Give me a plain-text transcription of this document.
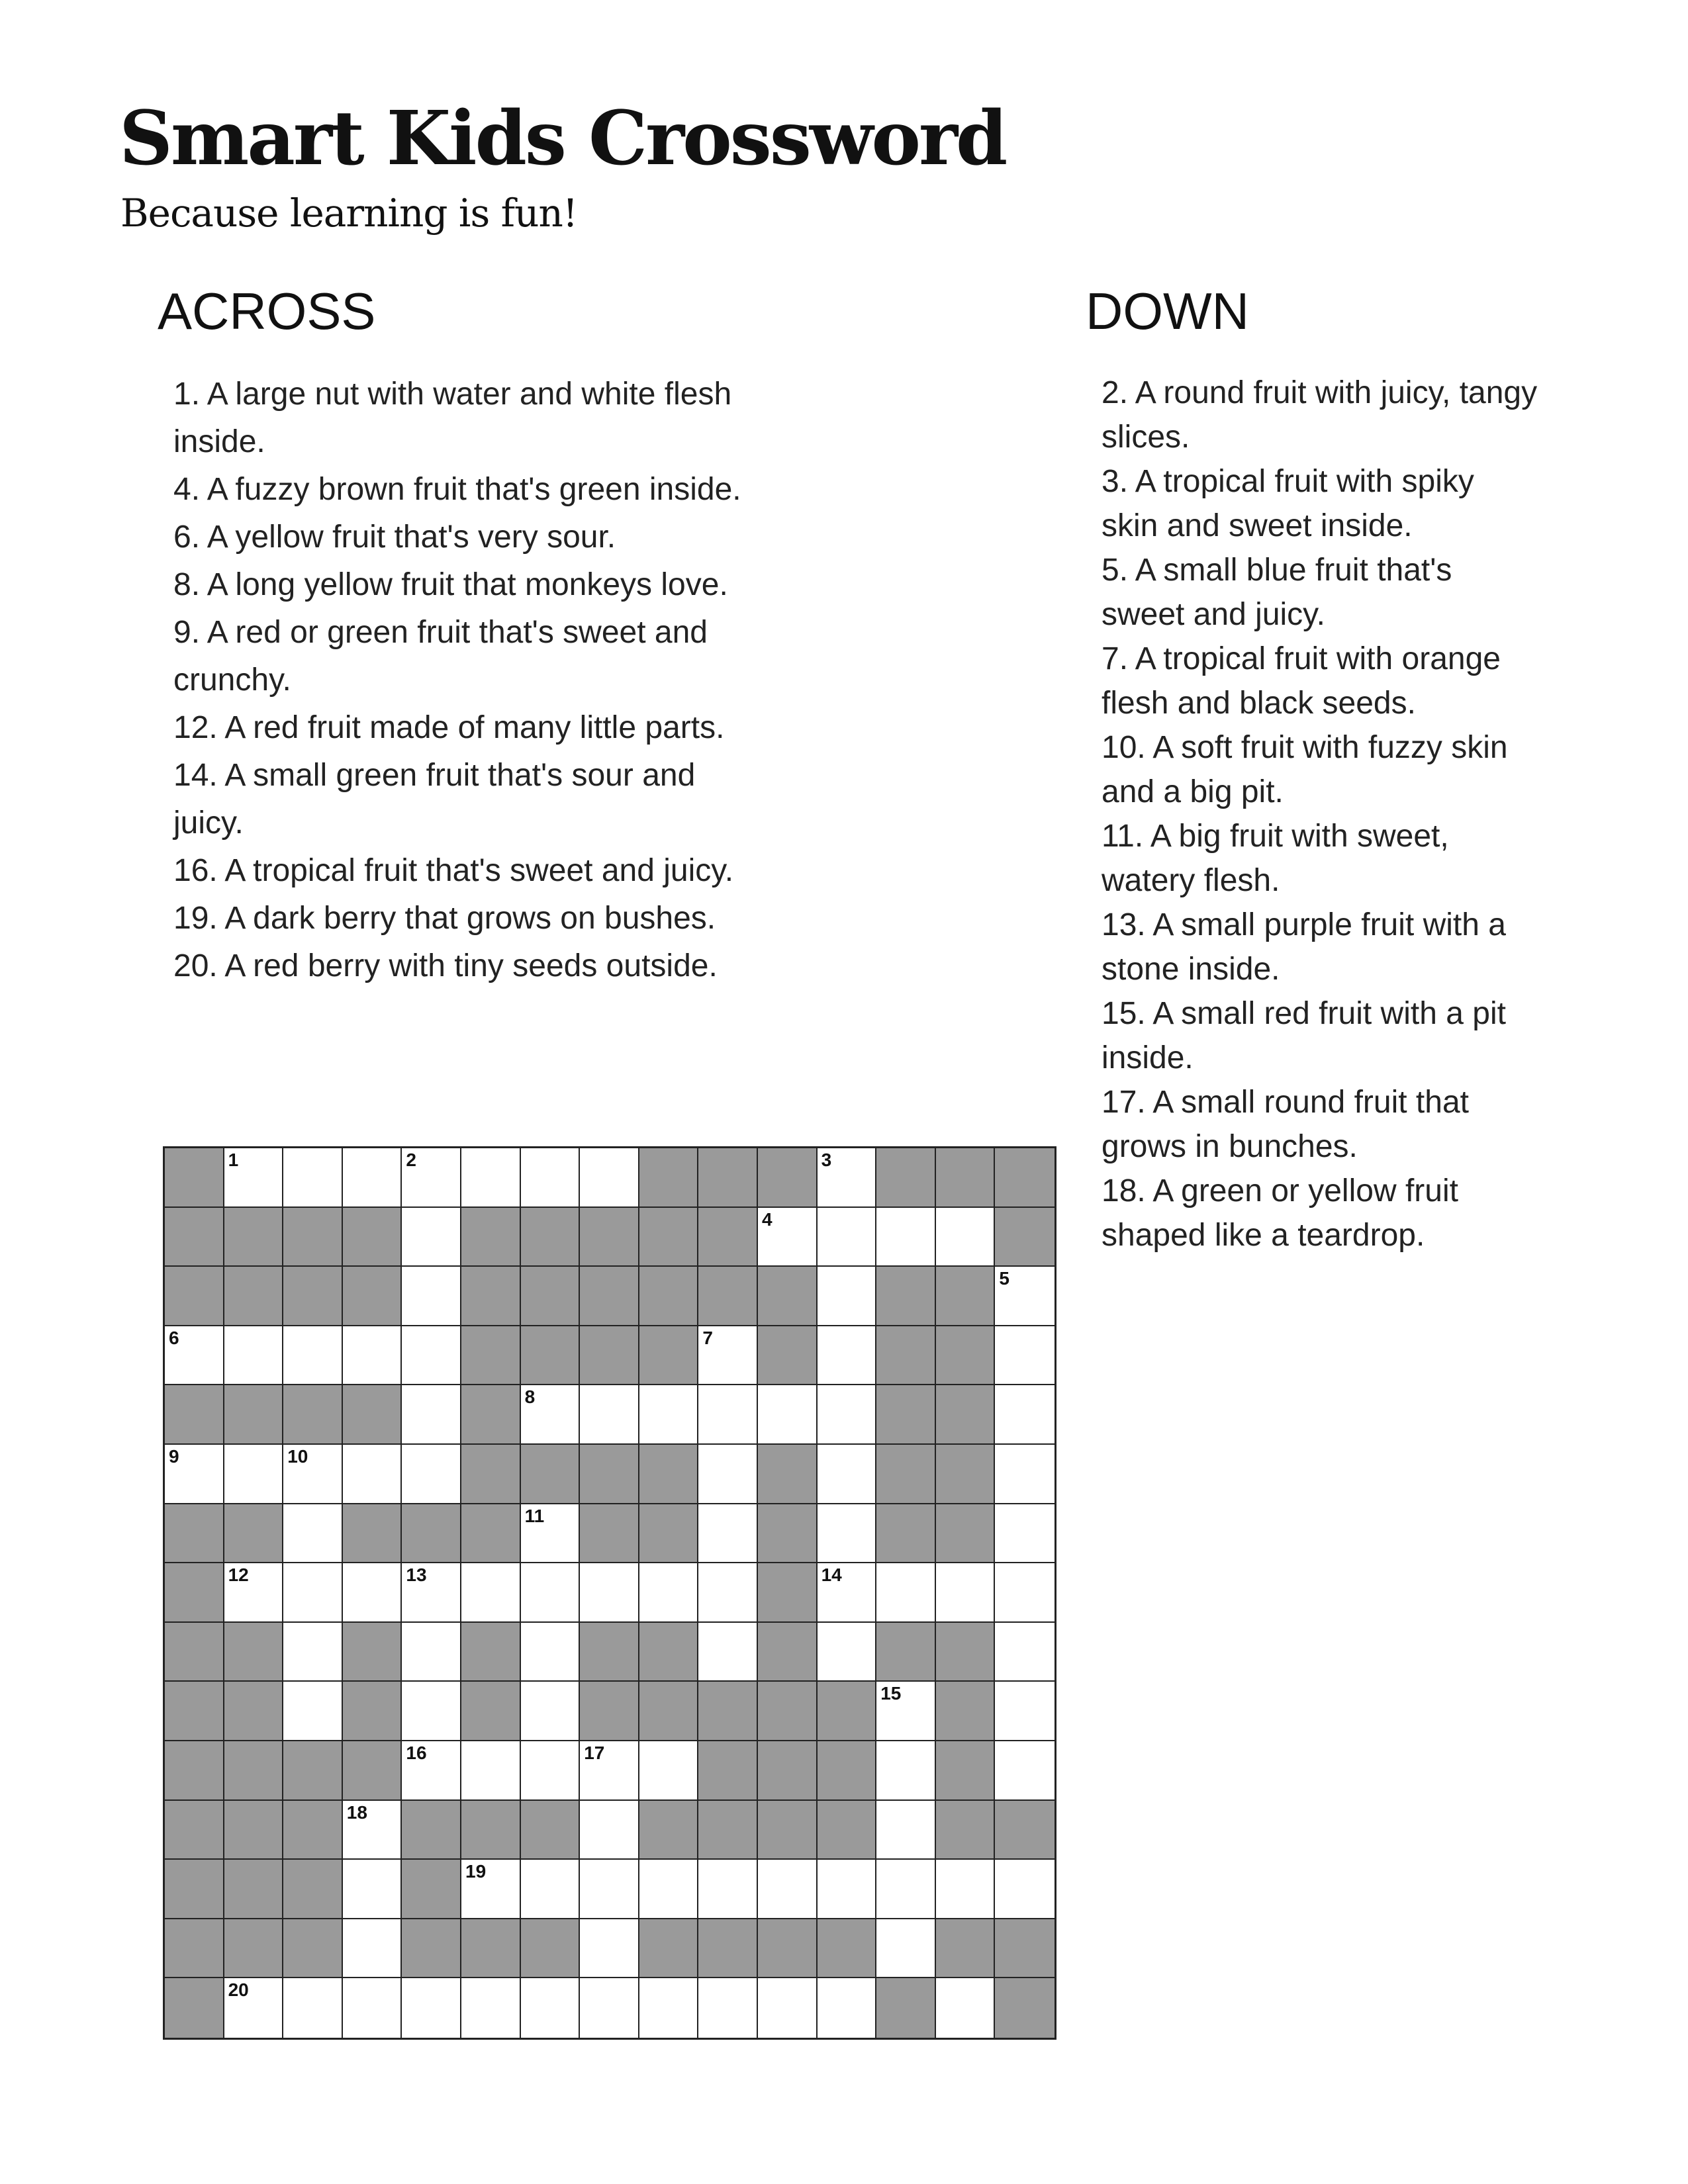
Smart Kids Crossword
Because learning is fun!
ACROSS
1. A large nut with water and white flesh inside.
4. A fuzzy brown fruit that's green inside.
6. A yellow fruit that's very sour.
8. A long yellow fruit that monkeys love.
9. A red or green fruit that's sweet and crunchy.
12. A red fruit made of many little parts.
14. A small green fruit that's sour and juicy.
16. A tropical fruit that's sweet and juicy.
19. A dark berry that grows on bushes.
20. A red berry with tiny seeds outside.
DOWN
2. A round fruit with juicy, tangy slices.
3. A tropical fruit with spiky skin and sweet inside.
5. A small blue fruit that's sweet and juicy.
7. A tropical fruit with orange flesh and black seeds.
10. A soft fruit with fuzzy skin and a big pit.
11. A big fruit with sweet, watery flesh.
13. A small purple fruit with a stone inside.
15. A small red fruit with a pit inside.
17. A small round fruit that grows in bunches.
18. A green or yellow fruit shaped like a teardrop.
1	2	3
4
5
6	7
8
9	10
11
12	13	14
15
16	17
18
19
20
